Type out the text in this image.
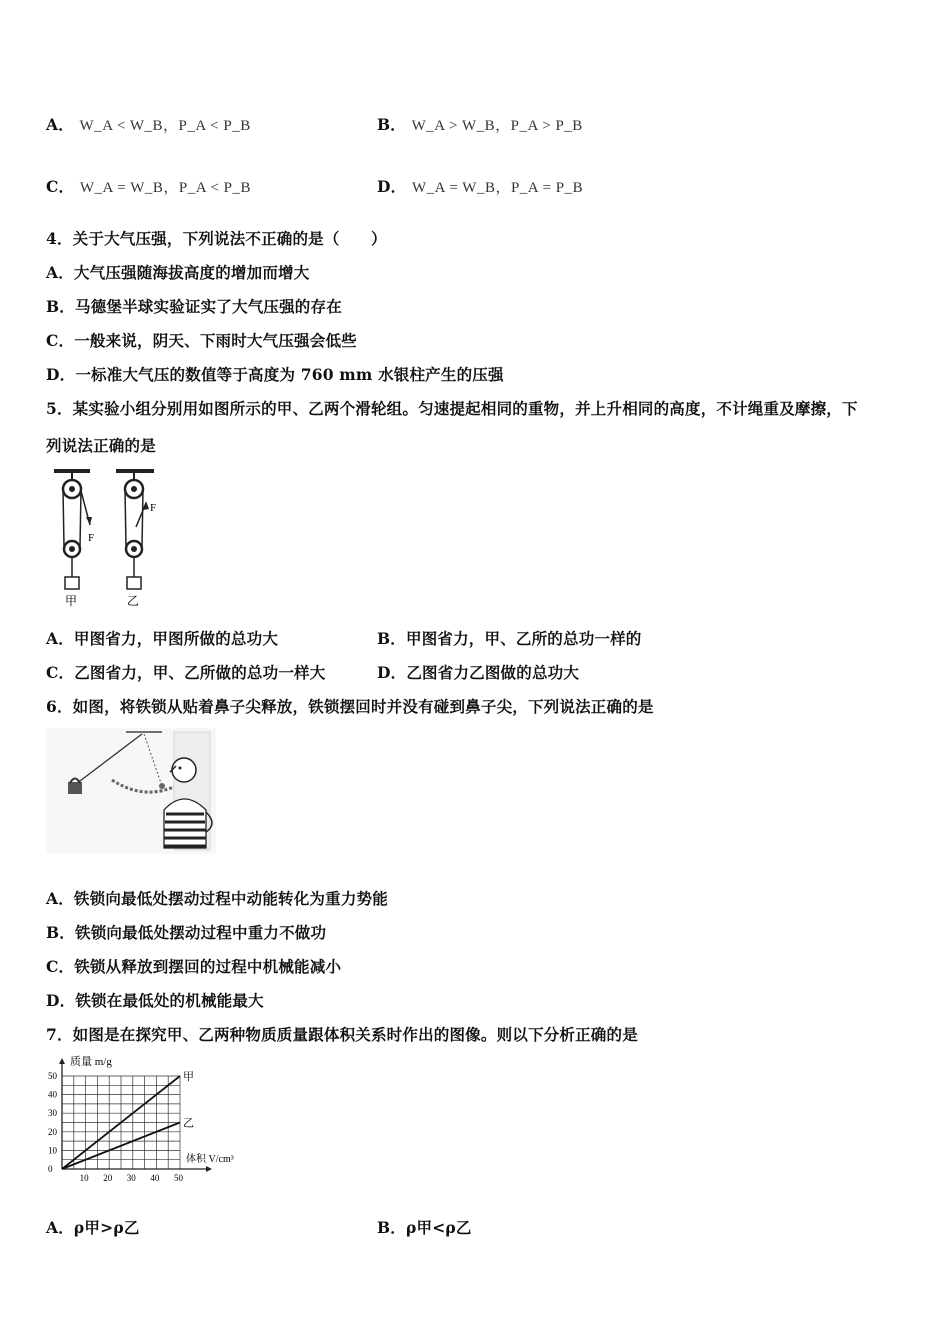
A． W_A < W_B，P_A < P_B	B． W_A > W_B，P_A > P_B
C． W_A = W_B，P_A < P_B	D． W_A = W_B，P_A = P_B
4．关于大气压强，下列说法不正确的是（　　）
A．大气压强随海拔高度的增加而增大
B．马德堡半球实验证实了大气压强的存在
C．一般来说，阴天、下雨时大气压强会低些
D．一标准大气压的数值等于高度为 760 mm 水银柱产生的压强
5．某实验小组分别用如图所示的甲、乙两个滑轮组。匀速提起相同的重物，并上升相同的高度，不计绳重及摩擦，下
列说法正确的是
F
甲
F
乙
A．甲图省力，甲图所做的总功大	B．甲图省力，甲、乙所的总功一样的
C．乙图省力，甲、乙所做的总功一样大	D．乙图省力乙图做的总功大
6．如图，将铁锁从贴着鼻子尖释放，铁锁摆回时并没有碰到鼻子尖，下列说法正确的是
A．铁锁向最低处摆动过程中动能转化为重力势能
B．铁锁向最低处摆动过程中重力不做功
C．铁锁从释放到摆回的过程中机械能减小
D．铁锁在最低处的机械能最大
7．如图是在探究甲、乙两种物质质量跟体积关系时作出的图像。则以下分析正确的是
质量 m/g
体积 V/cm³
10 20 30 40 50
0
10
20
30
40
50	甲
乙
A．ρ甲>ρ乙	B．ρ甲<ρ乙
